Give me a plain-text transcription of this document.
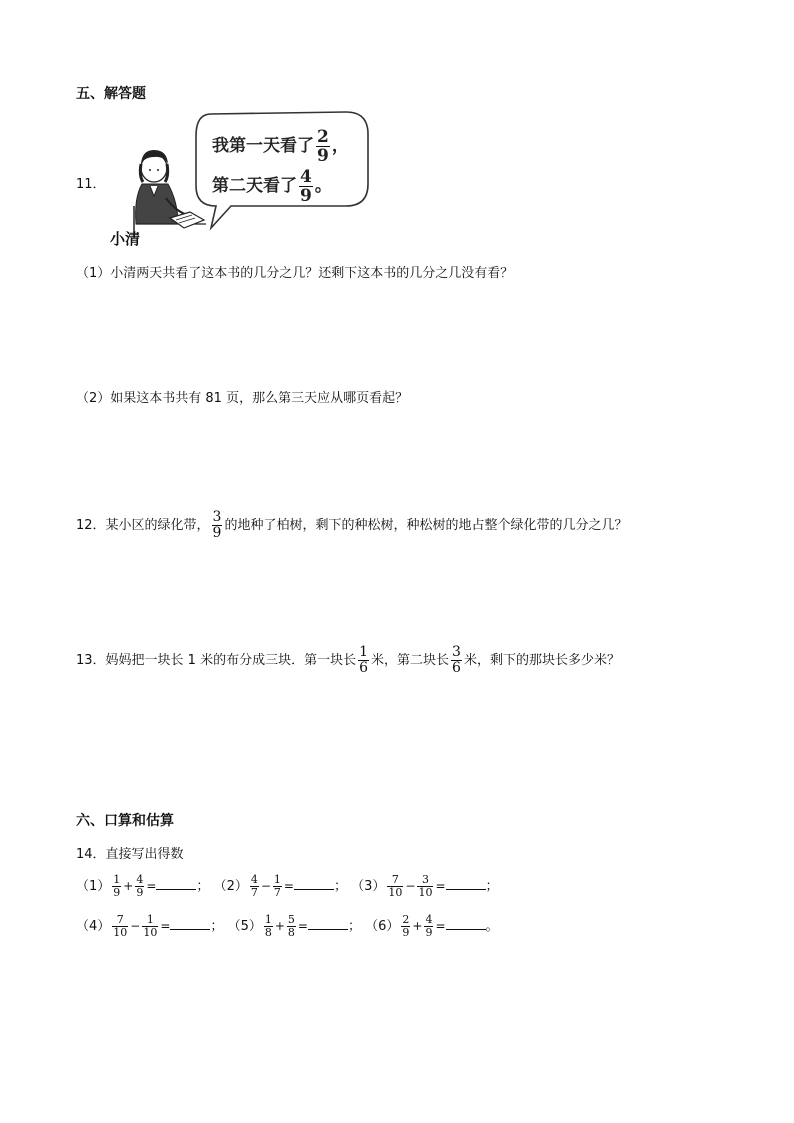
五、解答题
11．
小清
我第一天看了 $\frac{2}{9}$ ，
第二天看了 $\frac{4}{9}$ 。
（1）小清两天共看了这本书的几分之几？还剩下这本书的几分之几没有看？
（2）如果这本书共有 81 页，那么第三天应从哪页看起？
12．某小区的绿化带， $\frac{3}{9}$ 的地种了柏树，剩下的种松树，种松树的地占整个绿化带的几分之几？
13．妈妈把一块长 1 米的布分成三块．第一块长 $\frac{1}{6}$ 米，第二块长 $\frac{3}{6}$ 米，剩下的那块长多少米？
六、口算和估算
14．直接写出得数
$(1) \frac{1}{9} + \frac{4}{9}$ =	； $(2) \frac{4}{7} - \frac{1}{7}$ =	； $(3) \frac{7}{10} - \frac{3}{10}$ =	；
$(4) \frac{7}{10} - \frac{1}{10}$ =	； $(5) \frac{1}{8} + \frac{5}{8}$ =	； $(6) \frac{2}{9} + \frac{4}{9}$ =	。
